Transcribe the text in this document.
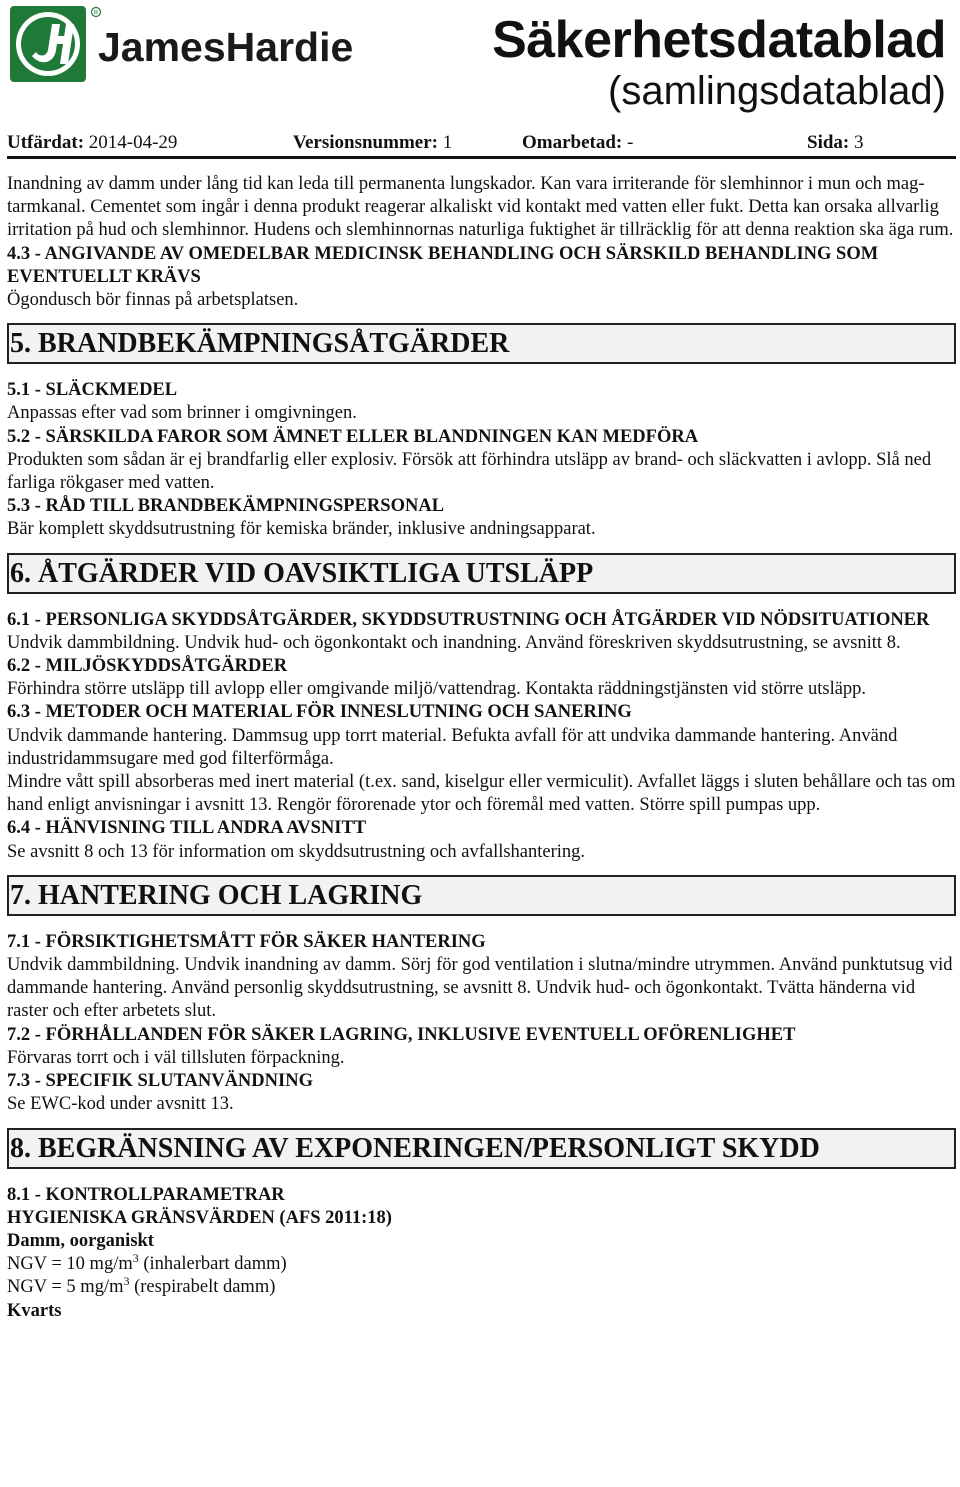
JamesHardie
R	Säkerhetsdatablad
(samlingsdatablad)
Utfärdat: 2014-04-29	Versionsnummer: 1	Omarbetad: -	Sida: 3

Inandning av damm under lång tid kan leda till permanenta lungskador. Kan vara irriterande för slemhinnor i mun och mag- tarmkanal. Cementet som ingår i denna produkt reagerar alkaliskt vid kontakt med vatten eller fukt. Detta kan orsaka allvarlig irritation på hud och slemhinnor. Hudens och slemhinnornas naturliga fuktighet är tillräcklig för att denna reaktion ska äga rum.

4.3 - ANGIVANDE AV OMEDELBAR MEDICINSK BEHANDLING OCH SÄRSKILD BEHANDLING SOM EVENTUELLT KRÄVS

Ögondusch bör finnas på arbetsplatsen.

5. BRANDBEKÄMPNINGSÅTGÄRDER

5.1 - SLÄCKMEDEL

Anpassas efter vad som brinner i omgivningen.

5.2 - SÄRSKILDA FAROR SOM ÄMNET ELLER BLANDNINGEN KAN MEDFÖRA

Produkten som sådan är ej brandfarlig eller explosiv. Försök att förhindra utsläpp av brand- och släckvatten i avlopp. Slå ned farliga rökgaser med vatten.

5.3 - RÅD TILL BRANDBEKÄMPNINGSPERSONAL

Bär komplett skyddsutrustning för kemiska bränder, inklusive andningsapparat.

6. ÅTGÄRDER VID OAVSIKTLIGA UTSLÄPP

6.1 - PERSONLIGA SKYDDSÅTGÄRDER, SKYDDSUTRUSTNING OCH ÅTGÄRDER VID NÖDSITUATIONER

Undvik dammbildning. Undvik hud- och ögonkontakt och inandning. Använd föreskriven skyddsutrustning, se avsnitt 8.

6.2 - MILJÖSKYDDSÅTGÄRDER

Förhindra större utsläpp till avlopp eller omgivande miljö/vattendrag. Kontakta räddningstjänsten vid större utsläpp.

6.3 - METODER OCH MATERIAL FÖR INNESLUTNING OCH SANERING

Undvik dammande hantering. Dammsug upp torrt material. Befukta avfall för att undvika dammande hantering. Använd industridammsugare med god filterförmåga.

Mindre vått spill absorberas med inert material (t.ex. sand, kiselgur eller vermiculit). Avfallet läggs i sluten behållare och tas om hand enligt anvisningar i avsnitt 13. Rengör förorenade ytor och föremål med vatten. Större spill pumpas upp.

6.4 - HÄNVISNING TILL ANDRA AVSNITT

Se avsnitt 8 och 13 för information om skyddsutrustning och avfallshantering.

7. HANTERING OCH LAGRING

7.1 - FÖRSIKTIGHETSMÅTT FÖR SÄKER HANTERING

Undvik dammbildning. Undvik inandning av damm. Sörj för god ventilation i slutna/mindre utrymmen. Använd punktutsug vid dammande hantering. Använd personlig skyddsutrustning, se avsnitt 8. Undvik hud- och ögonkontakt. Tvätta händerna vid raster och efter arbetets slut.

7.2 - FÖRHÅLLANDEN FÖR SÄKER LAGRING, INKLUSIVE EVENTUELL OFÖRENLIGHET

Förvaras torrt och i väl tillsluten förpackning.

7.3 - SPECIFIK SLUTANVÄNDNING

Se EWC-kod under avsnitt 13.

8. BEGRÄNSNING AV EXPONERINGEN/PERSONLIGT SKYDD

8.1 - KONTROLLPARAMETRAR

HYGIENISKA GRÄNSVÄRDEN (AFS 2011:18)

Damm, oorganiskt

NGV = 10 $mg/m^3$ (inhalerbart damm)

NGV = 5 $mg/m^3$ (respirabelt damm)

Kvarts
